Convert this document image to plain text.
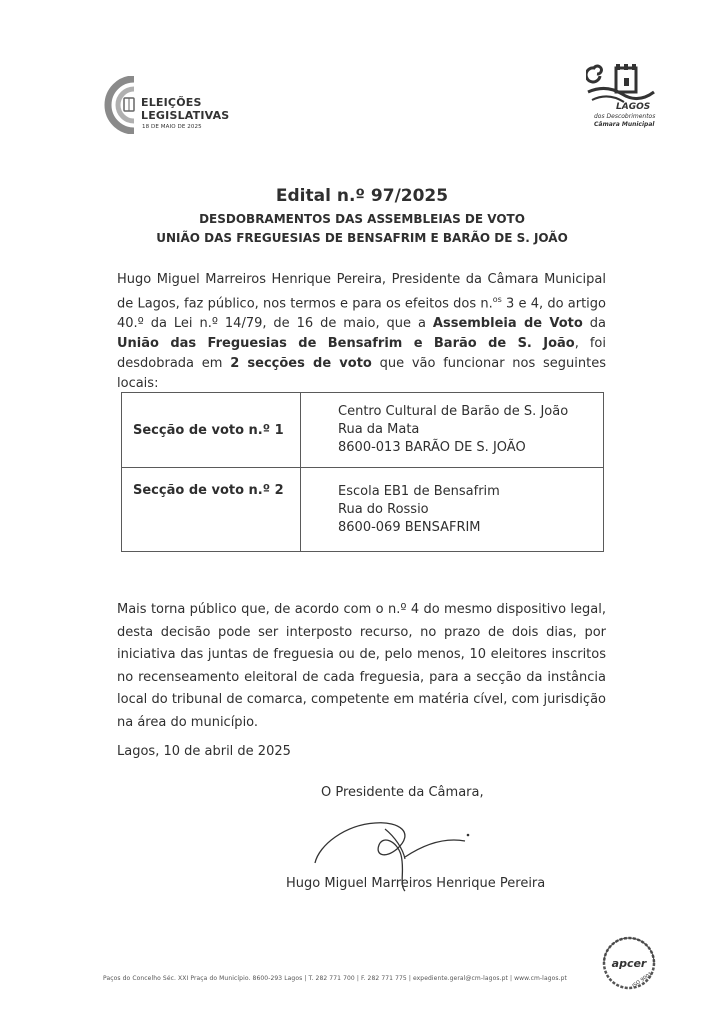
ELEIÇÕES
LEGISLATIVAS
18 DE MAIO DE 2025
LAGOS
dos Descobrimentos
Câmara Municipal
Edital n.º 97/2025
DESDOBRAMENTOS DAS ASSEMBLEIAS DE VOTO
UNIÃO DAS FREGUESIAS DE BENSAFRIM E BARÃO DE S. JOÃO
Hugo Miguel Marreiros Henrique Pereira, Presidente da Câmara Municipal de Lagos, faz público, nos termos e para os efeitos dos n.$^{os}$ 3 e 4, do artigo 40.º da Lei n.º 14/79, de 16 de maio, que a Assembleia de Voto da União das Freguesias de Bensafrim e Barão de S. João, foi desdobrada em 2 secções de voto que vão funcionar nos seguintes locais:
Secção de voto n.º 1	Centro Cultural de Barão de S. João
Rua da Mata
8600-013 BARÃO DE S. JOÃO

Secção de voto n.º 2	Escola EB1 de Bensafrim
Rua do Rossio
8600-069 BENSAFRIM
Mais torna público que, de acordo com o n.º 4 do mesmo dispositivo legal, desta decisão pode ser interposto recurso, no prazo de dois dias, por iniciativa das juntas de freguesia ou de, pelo menos, 10 eleitores inscritos no recenseamento eleitoral de cada freguesia, para a secção da instância local do tribunal de comarca, competente em matéria cível, com jurisdição na área do município.
Lagos, 10 de abril de 2025
O Presidente da Câmara,
Hugo Miguel Marreiros Henrique Pereira
Paços do Concelho Séc. XXI Praça do Município. 8600-293 Lagos | T. 282 771 700 | F. 282 771 775 | expediente.geral@cm-lagos.pt | www.cm-lagos.pt
apcer
ISO 9001
